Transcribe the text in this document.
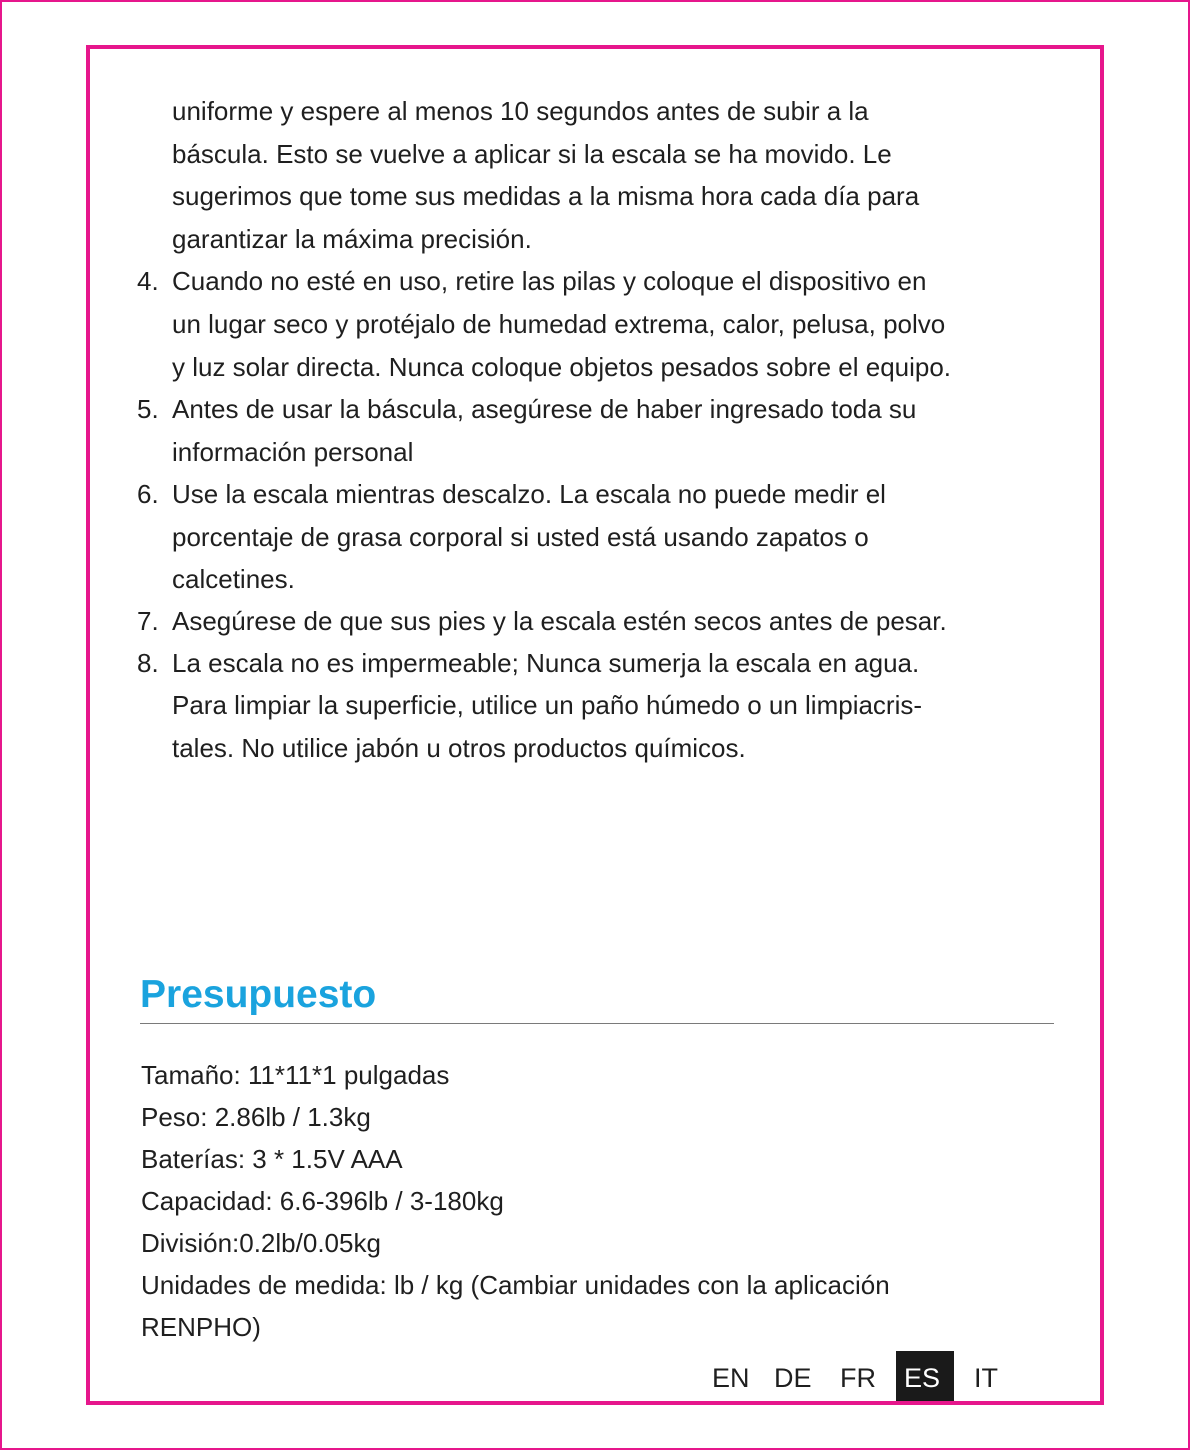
uniforme y espere al menos 10 segundos antes de subir a la
báscula. Esto se vuelve a aplicar si la escala se ha movido. Le
sugerimos que tome sus medidas a la misma hora cada día para
garantizar la máxima precisión.
4. Cuando no esté en uso, retire las pilas y coloque el dispositivo en
un lugar seco y protéjalo de humedad extrema, calor, pelusa, polvo
y luz solar directa. Nunca coloque objetos pesados sobre el equipo.
5. Antes de usar la báscula, asegúrese de haber ingresado toda su
información personal
6. Use la escala mientras descalzo. La escala no puede medir el
porcentaje de grasa corporal si usted está usando zapatos o
calcetines.
7. Asegúrese de que sus pies y la escala estén secos antes de pesar.
8. La escala no es impermeable; Nunca sumerja la escala en agua.
Para limpiar la superficie, utilice un paño húmedo o un limpiacris-
tales. No utilice jabón u otros productos químicos.
Presupuesto
Tamaño: 11*11*1 pulgadas
Peso: 2.86lb / 1.3kg
Baterías: 3 * 1.5V AAA
Capacidad: 6.6-396lb / 3-180kg
División:0.2lb/0.05kg
Unidades de medida: lb / kg (Cambiar unidades con la aplicación
RENPHO)
EN DE FR ES IT
